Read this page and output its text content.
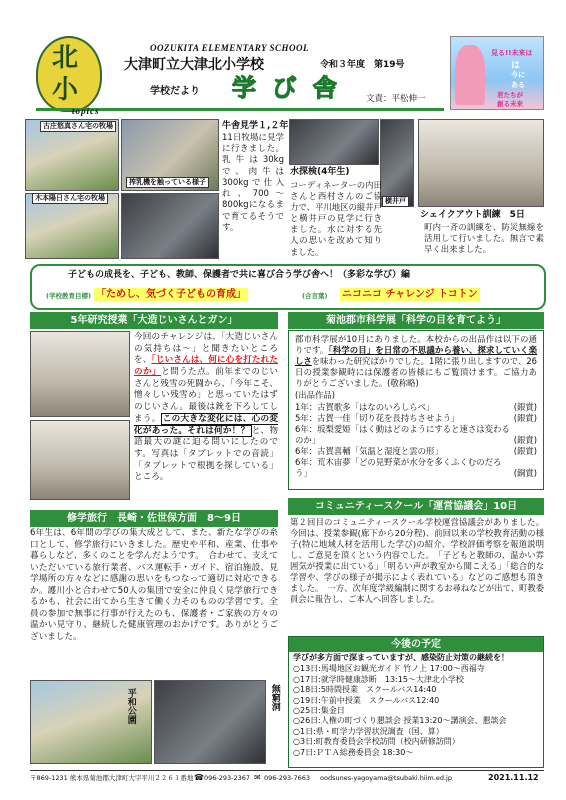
北
小
OOZUKITA ELEMENTARY SCHOOL
大津町立大津北小学校	令和３年度　第19号
学校だより 学 び 舎	文責：平松伸一
topics
見る!!未来は
は
今に
ある
君たちが
創る未来
古庄悠真さん宅の牧場
木本陽日さん宅の牧場
搾乳機を触っている様子
牛舎見学１,２年
11日牧場に見学に行きました。乳牛は30kgで、肉牛は300kgで仕入れ、700〜800kgになるまで育てるそうです。
横井戸
水探検(4年生)
コーディネーターの内田さんと西村さんのご協力で、平川地区の縦井戸と横井戸の見学に行きました。水に対する先人の思いを改めて知りました。
シェイクアウト訓練　5日
町内一斉の訓練を、防災無線を活用して行いました。無言で素早く出来ました。
子どもの成長を、子ども、教師、保護者で共に喜び合う学び舎へ！（多彩な学び）編
(学校教育目標) 「ためし、気づく子どもの育成」	(合言葉) ニコニコ チャレンジ トコトン
5年研究授業「大造じいさんとガン」
今回のチャレンジは、「大造じいさんの気持ちは〜」と聞きたいところを、「じいさんは、何に心を打たれたのか」と問うた点。前年までのじいさんと残雪の死闘から、「今年こそ、憎々しい残雪め」と思っていたはずのじいさん。最後は銃を下ろしてしまう。 この大きな変化には、心の変化があった。それは何か！？ と、物語最大の謎に迫る問いにしたのです。写真は「タブレットでの音読」「タブレットで根拠を探している」ところ。
菊池郡市科学展「科学の目を育てよう」
郡市科学展が10月にありました。本校からの出品作は以下の通りです。「科学の目」を日常の不思議から養い、探求していく楽しさを味わった研究ばかりでした。1階に張り出しますので、26日の授業参観時には保護者の皆様にもご覧頂けます。ご協力ありがとうございました。(敬称略)
(出品作品)
1年：古賀歌多「はなのいろしらべ」	(銀賞)
5年：古賀一佳「切り花を長持ちさせよう」	(銀賞)
6年：坂梨愛姫「はく動はどのようにすると速さは変わるのか」	(銀賞)
6年：古賀喜輔「気温と湿度と雲の形」	(銀賞)
6年：荒木宙夢「どの見野菜が水分を多くふくむのだろう」	(銅賞)
修学旅行　長崎・佐世保方面　8〜9日
6年生は、6年間の学びの集大成として、また、新たな学びの糸口として、修学旅行にいきました。歴史や平和、産業、仕事や暮らしなど、多くのことを学んだようです。　合わせて、支えていただいている旅行業者、バス運転手・ガイド、宿泊施設、見学場所の方々などに感謝の思いをもつなって適切に対応できるか。護川小と合わせて50人の集団で安全に仲良く見学旅行できるかも、社会に出てから生きて働く力そのものの学習です。全員の参加で無事に行事が行えたのも、保護者・ご家族の方々の温かい見守り、継続した健康管理のおかげです。ありがとうございました。
平和公園	無窮洞
コミュニティースクール「運営協議会」10日
第２回目のコミュニティースクール学校運営協議会がありました。今回は、授業参観(廊下から20分程)、前回以来の学校教育活動の様子(特に地域人材を活用した学び)の紹介、学校評価考察を報道説明し、ご意見を頂くという内容でした。　「子どもと教師の、温かい雰囲気が授業に出ている」「明るい声が教室から聞こえる」「総合的な学習や、学びの様子が掲示によく表れている」などのご感想も頂きました。　一方、次年度学級編制に関するお尋ねなどが出て、町教委員会に報告し、ご本人へ回答しました。
今後の予定
学びが多方面で深まっていますが、感染防止対策の継続を！
○13日:馬場地区お観光ガイド 竹ノ上 17:00〜西福寺
○17日:就学時健康診断　13:15〜大津北小学校
○18日:5時間授業　スクールバス14:40
○19日:午前中授業　スクールバス12:40
○25日:集金日
○26日:人権の町づくり懇談会 授業13:20〜講演会、懇談会
○1日:県・町学力学習状況調査（国、算）
○3日:町教育委員会学校訪問（校内研修訪問）
○7日:ＰＴＡ総務委員会 18:30〜
〒869-1231 熊本県菊池郡大津町大字平川２２６１番地 ☎ 096-293-2367 ✉ 096-293-7663 oodsunes-yagoyama@tsubaki.hiim.ed.jp	2021.11.12
